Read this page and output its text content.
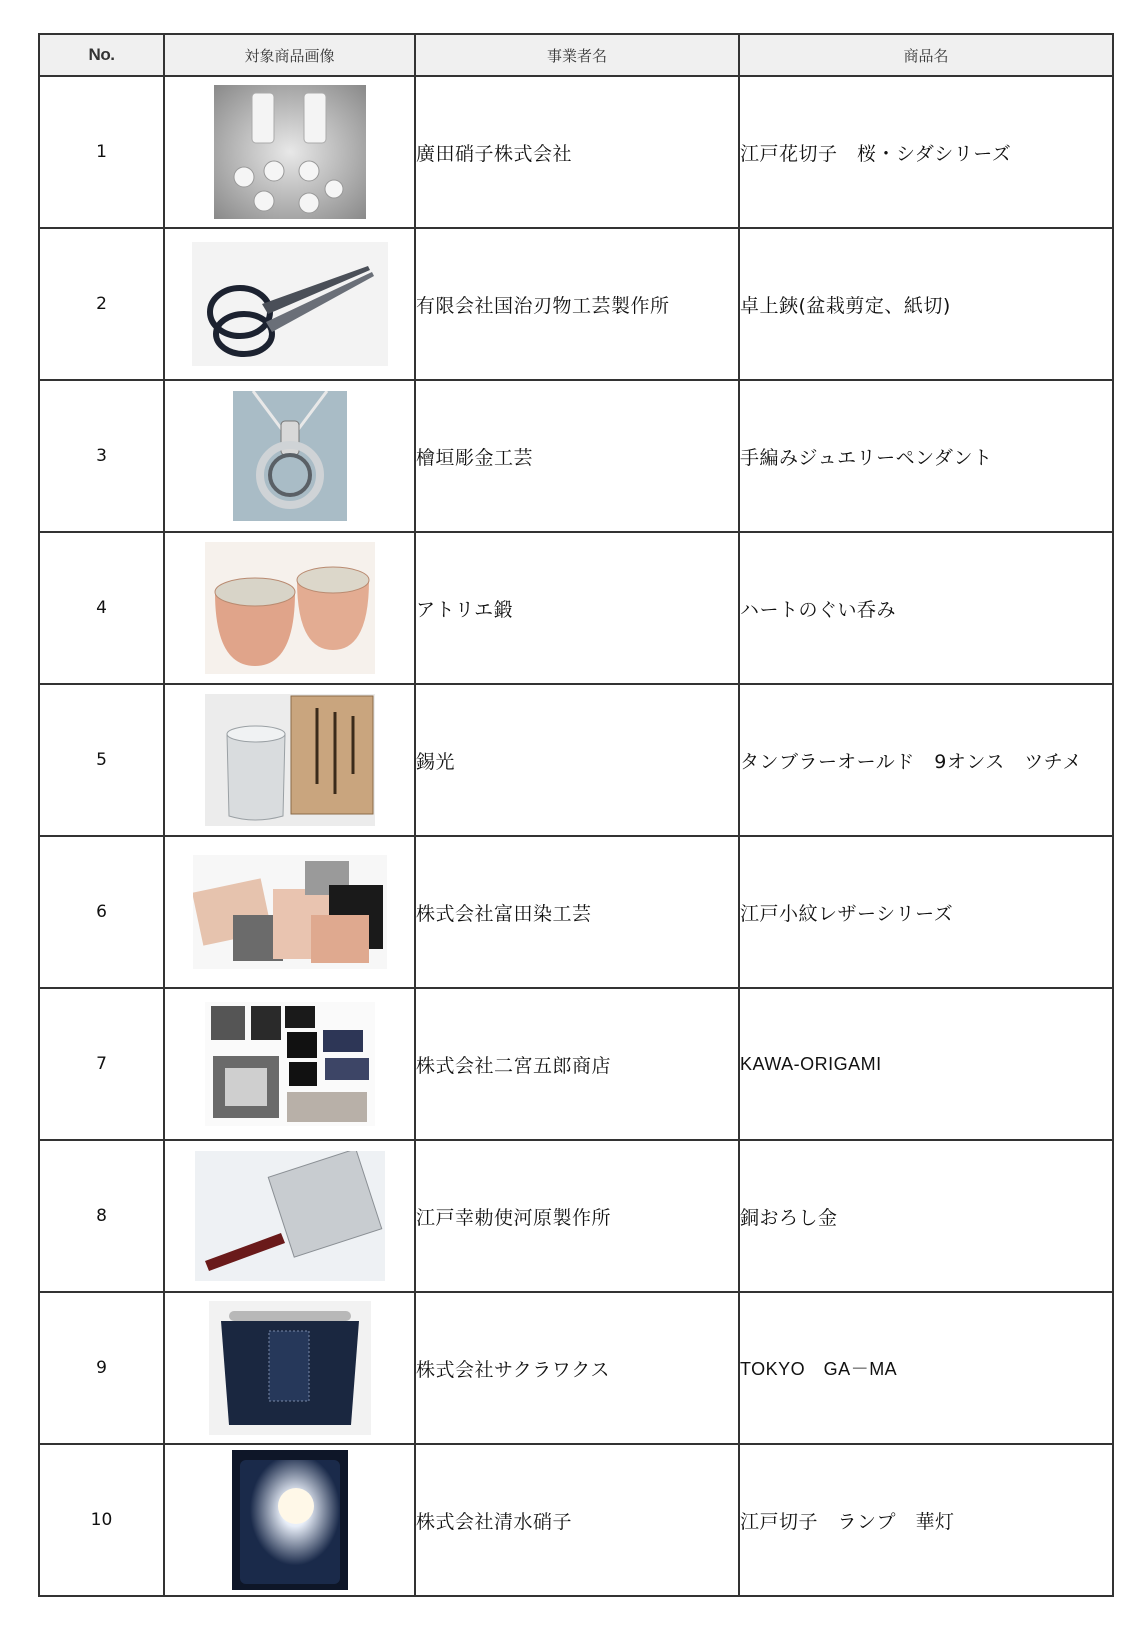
No.	対象商品画像	事業者名	商品名
1		廣田硝子株式会社	江戸花切子　桜・シダシリーズ
2		有限会社国治刃物工芸製作所	卓上鋏(盆栽剪定、紙切)
3		檜垣彫金工芸	手編みジュエリーペンダント
4		アトリエ鍛	ハートのぐい呑み
5		錫光	タンブラーオールド　9オンス　ツチメ
6		株式会社富田染工芸	江戸小紋レザーシリーズ
7		株式会社二宮五郎商店	KAWA-ORIGAMI
8		江戸幸勅使河原製作所	銅おろし金
9		株式会社サクラワクス	TOKYO　GA－MA
10		株式会社清水硝子	江戸切子　ランプ　華灯
